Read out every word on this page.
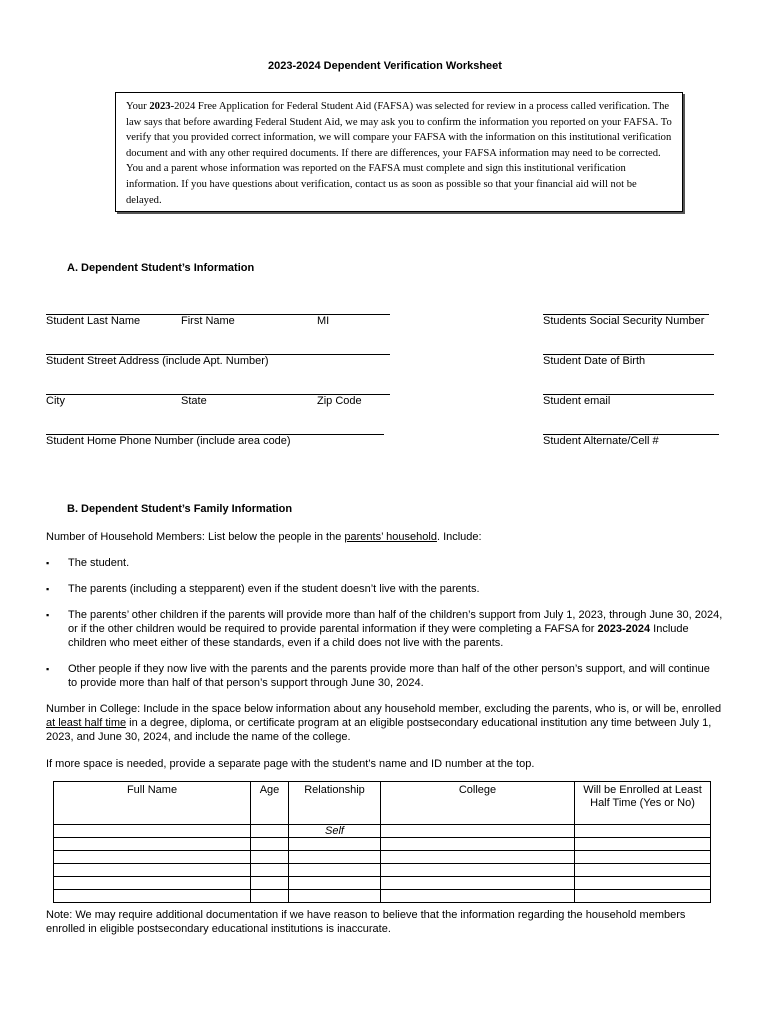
2023-2024 Dependent Verification Worksheet
Your 2023-2024 Free Application for Federal Student Aid (FAFSA) was selected for review in a process called verification. The law says that before awarding Federal Student Aid, we may ask you to confirm the information you reported on your FAFSA. To verify that you provided correct information, we will compare your FAFSA with the information on this institutional verification document and with any other required documents. If there are differences, your FAFSA information may need to be corrected. You and a parent whose information was reported on the FAFSA must complete and sign this institutional verification information. If you have questions about verification, contact us as soon as possible so that your financial aid will not be delayed.
A. Dependent Student’s Information
Student Last Name	First Name	MI	Students Social Security Number
Student Street Address (include Apt. Number)	Student Date of Birth
City	State	Zip Code	Student email
Student Home Phone Number (include area code)	Student Alternate/Cell #
B. Dependent Student’s Family Information
Number of Household Members: List below the people in the parents’ household. Include:
▪ The student.
▪ The parents (including a stepparent) even if the student doesn’t live with the parents.
▪ The parents’ other children if the parents will provide more than half of the children’s support from July 1, 2023, through June 30, 2024, or if the other children would be required to provide parental information if they were completing a FAFSA for 2023-2024 Include children who meet either of these standards, even if a child does not live with the parents.
▪ Other people if they now live with the parents and the parents provide more than half of the other person’s support, and will continue to provide more than half of that person’s support through June 30, 2024.
Number in College: Include in the space below information about any household member, excluding the parents, who is, or will be, enrolled at least half time in a degree, diploma, or certificate program at an eligible postsecondary educational institution any time between July 1, 2023, and June 30, 2024, and include the name of the college.
If more space is needed, provide a separate page with the student’s name and ID number at the top.
Full Name	Age	Relationship	College	Will be Enrolled at Least Half Time (Yes or No)
		Self		

Note: We may require additional documentation if we have reason to believe that the information regarding the household members enrolled in eligible postsecondary educational institutions is inaccurate.
